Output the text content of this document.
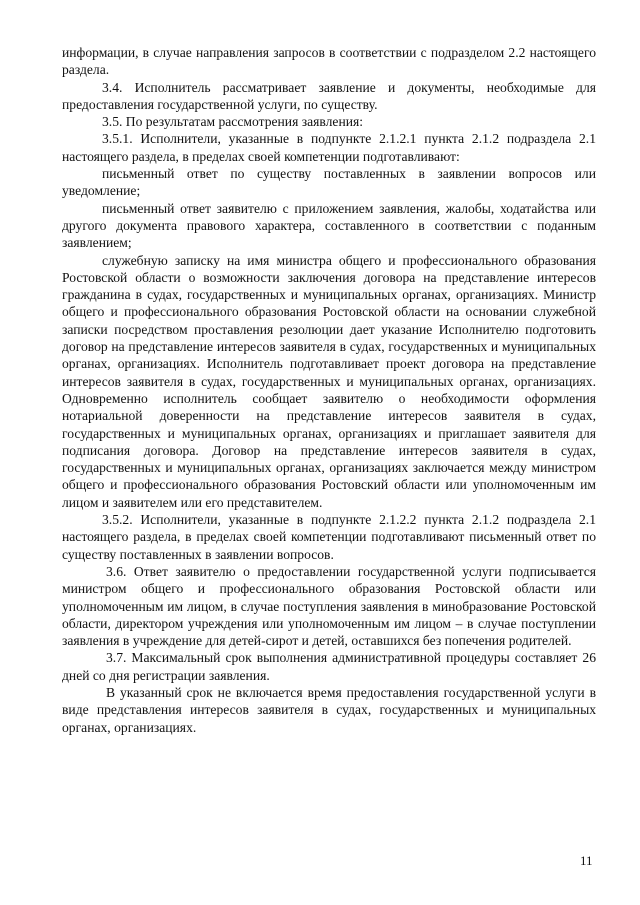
информации, в случае направления запросов в соответствии с подразделом 2.2 настоящего раздела.

3.4. Исполнитель рассматривает заявление и документы, необходимые для предоставления государственной услуги, по существу.

3.5. По результатам рассмотрения заявления:

3.5.1. Исполнители, указанные в подпункте 2.1.2.1 пункта 2.1.2 подраздела 2.1 настоящего раздела, в пределах своей компетенции подготавливают:

письменный ответ по существу поставленных в заявлении вопросов или уведомление;

письменный ответ заявителю с приложением заявления, жалобы, ходатайства или другого документа правового характера, составленного в соответствии с поданным заявлением;

служебную записку на имя министра общего и профессионального образования Ростовской области о возможности заключения договора на представление интересов гражданина в судах, государственных и муниципальных органах, организациях. Министр общего и профессионального образования Ростовской области на основании служебной записки посредством проставления резолюции дает указание Исполнителю подготовить договор на представление интересов заявителя в судах, государственных и муниципальных органах, организациях. Исполнитель подготавливает проект договора на представление интересов заявителя в судах, государственных и муниципальных органах, организациях. Одновременно исполнитель сообщает заявителю о необходимости оформления нотариальной доверенности на представление интересов заявителя в судах, государственных и муниципальных органах, организациях и приглашает заявителя для подписания договора. Договор на представление интересов заявителя в судах, государственных и муниципальных органах, организациях заключается между министром общего и профессионального образования Ростовский области или уполномоченным им лицом и заявителем или его представителем.

3.5.2. Исполнители, указанные в подпункте 2.1.2.2 пункта 2.1.2 подраздела 2.1 настоящего раздела, в пределах своей компетенции подготавливают письменный ответ по существу поставленных в заявлении вопросов.

3.6. Ответ заявителю о предоставлении государственной услуги подписывается министром общего и профессионального образования Ростовской области или уполномоченным им лицом, в случае поступления заявления в минобразование Ростовской области, директором учреждения или уполномоченным им лицом – в случае поступлении заявления в учреждение для детей-сирот и детей, оставшихся без попечения родителей.

3.7. Максимальный срок выполнения административной процедуры составляет 26 дней со дня регистрации заявления.

В указанный срок не включается время предоставления государственной услуги в виде представления интересов заявителя в судах, государственных и муниципальных органах, организациях.

11
